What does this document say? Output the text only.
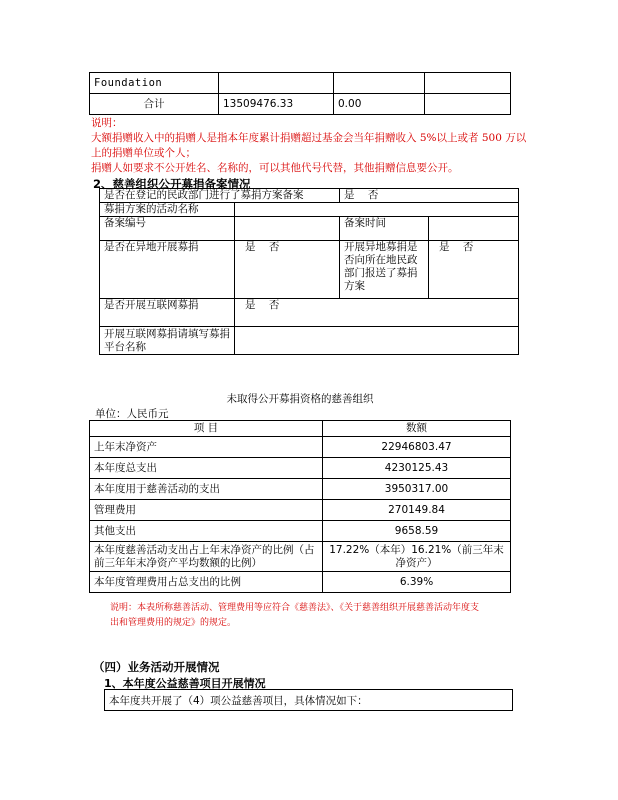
Foundation			
合计	13509476.33	0.00	
说明：
大额捐赠收入中的捐赠人是指本年度累计捐赠超过基金会当年捐赠收入 5%以上或者 500 万以
上的捐赠单位或个人；
捐赠人如要求不公开姓名、名称的，可以其他代号代替，其他捐赠信息要公开。
2、慈善组织公开募捐备案情况
是否在登记的民政部门进行了募捐方案备案		是    否	
募捐方案的活动名称			
备案编号		备案时间	
是否在异地开展募捐	是    否	开展异地募捐是否向所在地民政部门报送了募捐方案	是    否
是否开展互联网募捐	是    否		
开展互联网募捐请填写募捐平台名称			
未取得公开募捐资格的慈善组织
单位：人民币元
项 目	数额
上年末净资产	22946803.47
本年度总支出	4230125.43
本年度用于慈善活动的支出	3950317.00
管理费用	270149.84
其他支出	9658.59
本年度慈善活动支出占上年末净资产的比例（占前三年年末净资产平均数额的比例）	17.22%（本年）16.21%（前三年末净资产）
本年度管理费用占总支出的比例	6.39%
说明：本表所称慈善活动、管理费用等应符合《慈善法》、《关于慈善组织开展慈善活动年度支
出和管理费用的规定》的规定。
（四）业务活动开展情况
1、本年度公益慈善项目开展情况
本年度共开展了（4）项公益慈善项目，具体情况如下：
